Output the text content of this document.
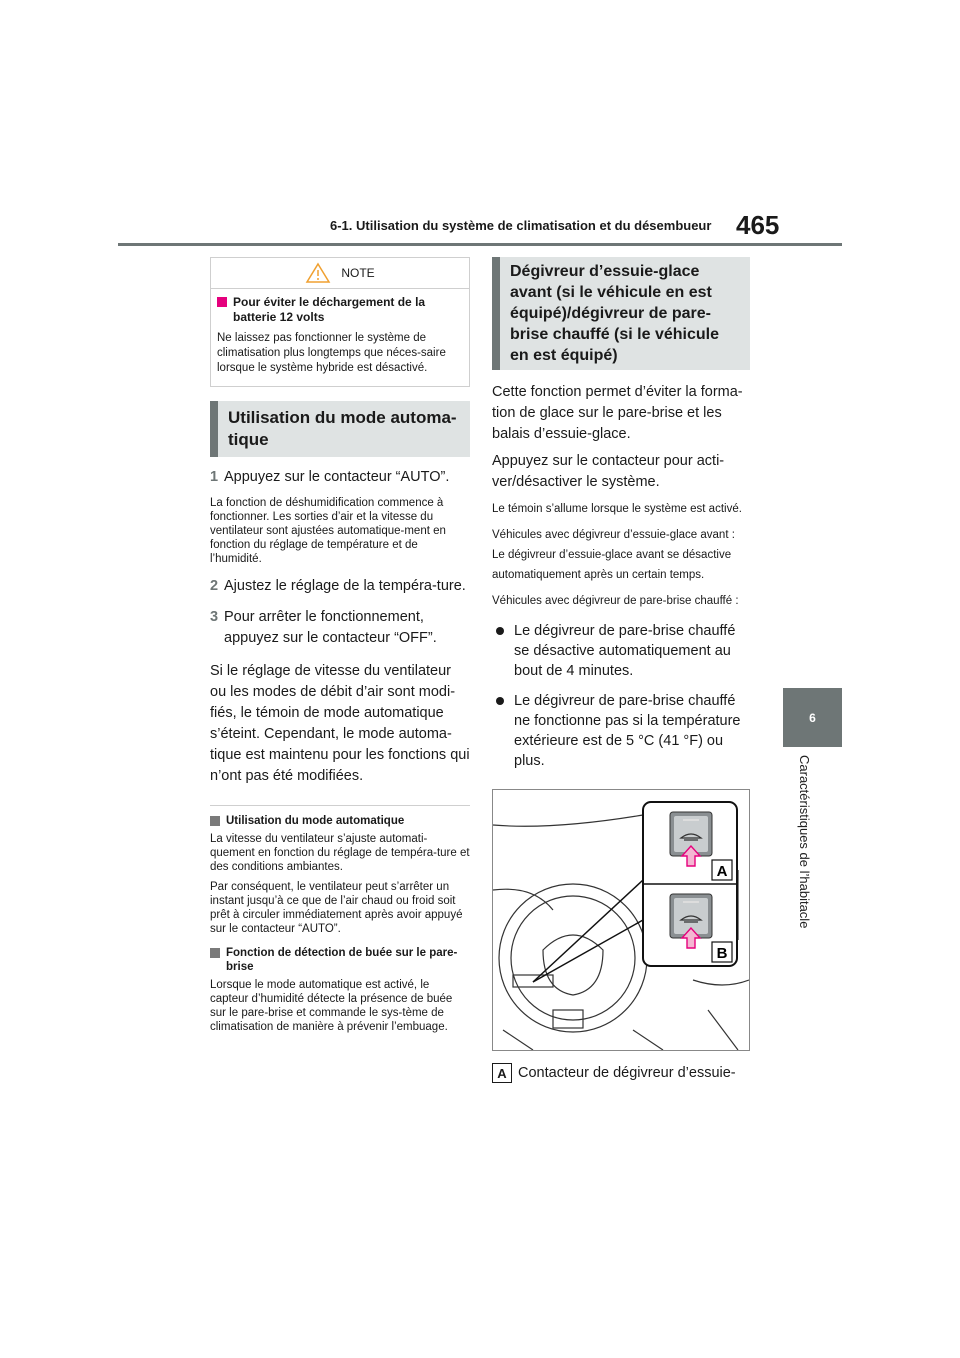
6-1. Utilisation du système de climatisation et du désembueur 465
6
Caractéristiques de l’habitacle
NOTE
Pour éviter le déchargement de la batterie 12 volts
Ne laissez pas fonctionner le système de climatisation plus longtemps que néces-saire lorsque le système hybride est désactivé.
Utilisation du mode automa-tique
1 Appuyez sur le contacteur “AUTO”.
La fonction de déshumidification commence à fonctionner. Les sorties d’air et la vitesse du ventilateur sont ajustées automatique-ment en fonction du réglage de température et de l’humidité.
2 Ajustez le réglage de la tempéra-ture.
3 Pour arrêter le fonctionnement, appuyez sur le contacteur “OFF”.
Si le réglage de vitesse du ventilateur ou les modes de débit d’air sont modi-fiés, le témoin de mode automatique s’éteint. Cependant, le mode automa-tique est maintenu pour les fonctions qui n’ont pas été modifiées.
Utilisation du mode automatique
La vitesse du ventilateur s’ajuste automati-quement en fonction du réglage de tempéra-ture et des conditions ambiantes.
Par conséquent, le ventilateur peut s’arrêter un instant jusqu’à ce que de l’air chaud ou froid soit prêt à circuler immédiatement après avoir appuyé sur le contacteur “AUTO”.
Fonction de détection de buée sur le pare-brise
Lorsque le mode automatique est activé, le capteur d’humidité détecte la présence de buée sur le pare-brise et commande le sys-tème de climatisation de manière à prévenir l’embuage.
Dégivreur d’essuie-glace avant (si le véhicule en est équipé)/dégivreur de pare-brise chauffé (si le véhicule en est équipé)
Cette fonction permet d’éviter la forma-tion de glace sur le pare-brise et les balais d’essuie-glace.
Appuyez sur le contacteur pour acti-ver/désactiver le système.
Le témoin s’allume lorsque le système est activé.
Véhicules avec dégivreur d’essuie-glace avant : Le dégivreur d’essuie-glace avant se désactive automatiquement après un certain temps.
Véhicules avec dégivreur de pare-brise chauffé :
Le dégivreur de pare-brise chauffé se désactive automatiquement au bout de 4 minutes.
Le dégivreur de pare-brise chauffé ne fonctionne pas si la température extérieure est de 5 °C (41 °F) ou plus.
A
B
A Contacteur de dégivreur d’essuie-
